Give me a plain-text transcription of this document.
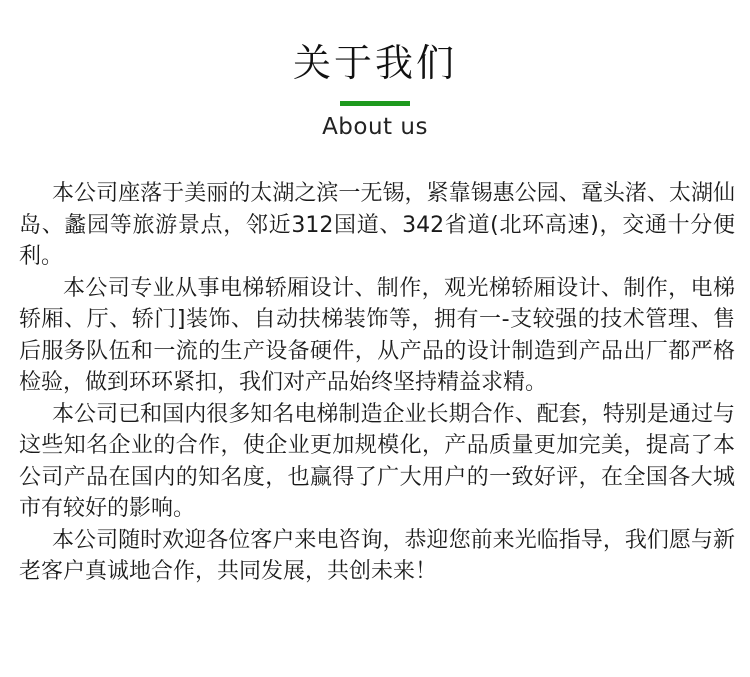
关于我们
About us

本公司座落于美丽的太湖之滨一无锡，紧靠锡惠公园、鼋头渚、太湖仙岛、蠡园等旅游景点，邻近312国道、342省道(北环高速)，交通十分便利。

本公司专业从事电梯轿厢设计、制作，观光梯轿厢设计、制作，电梯轿厢、厅、轿门]装饰、自动扶梯装饰等，拥有一-支较强的技术管理、售后服务队伍和一流的生产设备硬件，从产品的设计制造到产品出厂都严格检验，做到环环紧扣，我们对产品始终坚持精益求精。

本公司已和国内很多知名电梯制造企业长期合作、配套，特别是通过与这些知名企业的合作，使企业更加规模化，产品质量更加完美，提高了本公司产品在国内的知名度，也赢得了广大用户的一致好评，在全国各大城市有较好的影响。

本公司随时欢迎各位客户来电咨询，恭迎您前来光临指导，我们愿与新老客户真诚地合作，共同发展，共创未来！
